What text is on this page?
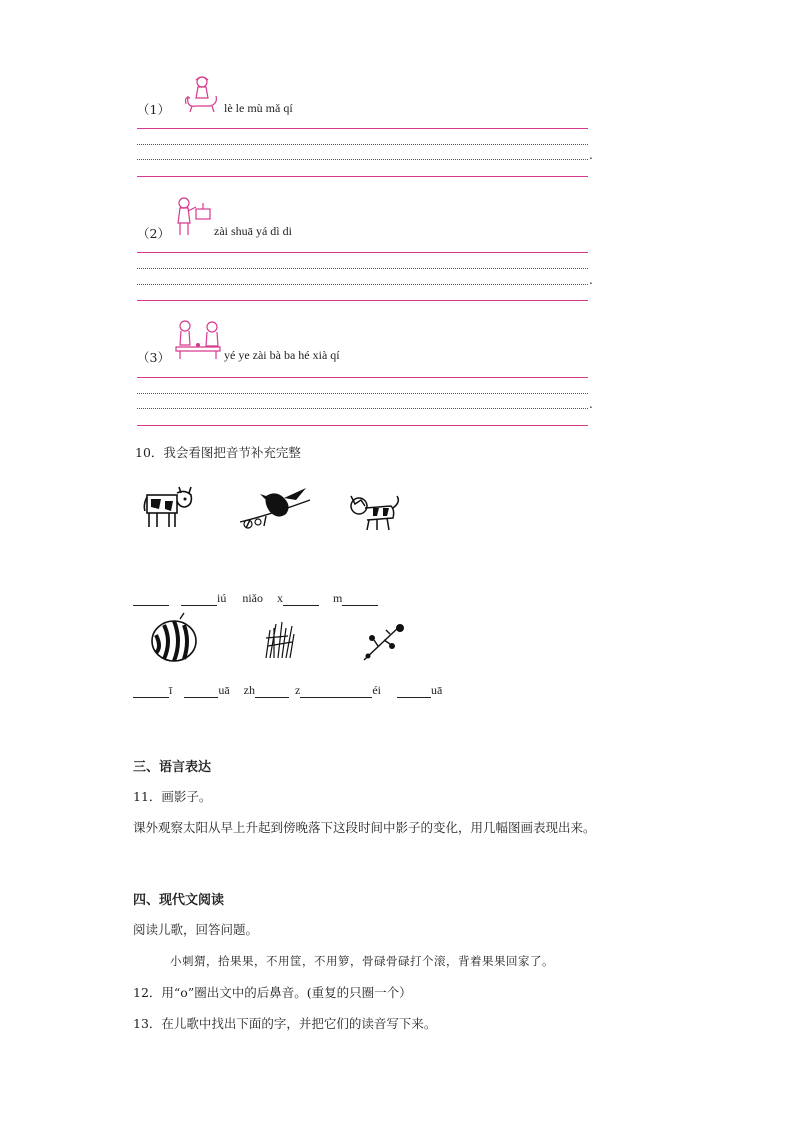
（1）	lè le mù mǎ qí
.
（2）	zài shuā yá dì di
.
（3）	yé ye zài bà ba hé xià qí
.
10．我会看图把音节补充完整
iú niǎo x	m
ī	uā zh	z	éi	uā
三、语言表达
11．画影子。
课外观察太阳从早上升起到傍晚落下这段时间中影子的变化，用几幅图画表现出来。
四、现代文阅读
阅读儿歌，回答问题。
小刺猬，拾果果，不用筐，不用箩，骨碌骨碌打个滚，背着果果回家了。
12．用“o”圈出文中的后鼻音。(重复的只圈一个）
13．在儿歌中找出下面的字，并把它们的读音写下来。
